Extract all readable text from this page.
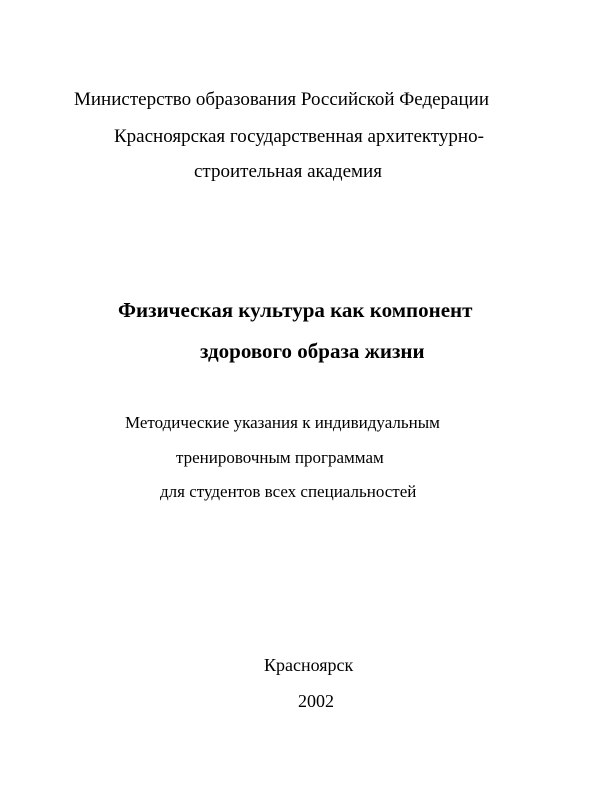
Министерство образования Российской Федерации
Красноярская государственная архитектурно-
строительная академия
Физическая культура как компонент
здорового образа жизни
Методические указания к индивидуальным
тренировочным программам
для студентов всех специальностей
Красноярск
2002
